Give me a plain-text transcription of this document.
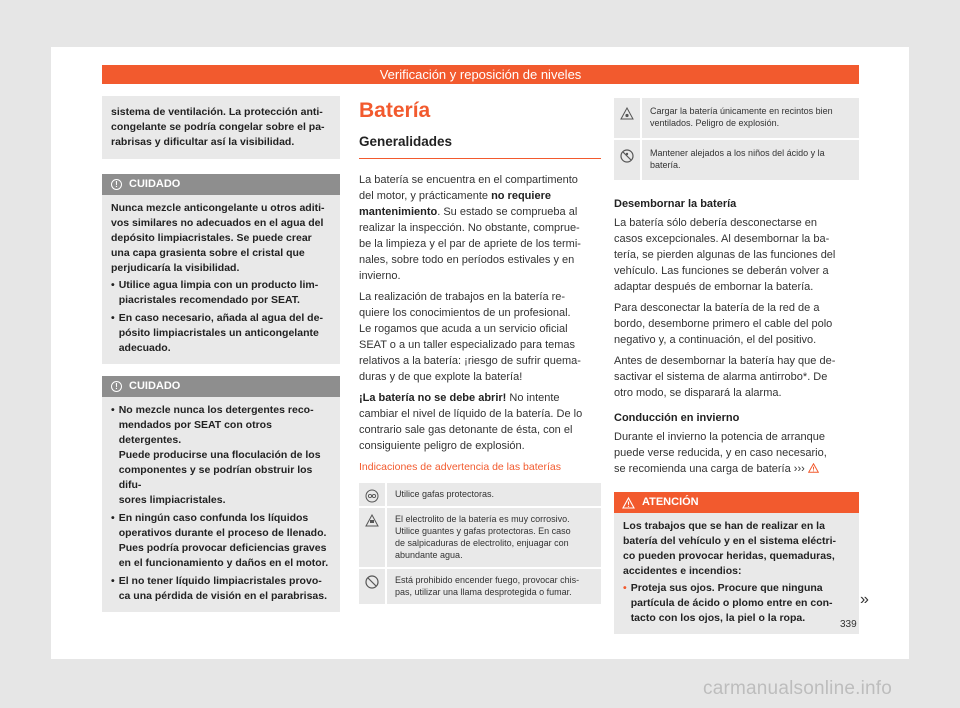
Verificación y reposición de niveles
sistema de ventilación. La protección anti-
congelante se podría congelar sobre el pa-
rabrisas y dificultar así la visibilidad.
!	CUIDADO

Nunca mezcle anticongelante u otros aditi-
vos similares no adecuados en el agua del
depósito limpiacristales. Se puede crear
una capa grasienta sobre el cristal que
perjudicaría la visibilidad.

• Utilice agua limpia con un producto lim-
piacristales recomendado por SEAT.
• En caso necesario, añada al agua del de-
pósito limpiacristales un anticongelante
adecuado.
!	CUIDADO
• No mezcle nunca los detergentes reco-
mendados por SEAT con otros detergentes.
Puede producirse una floculación de los
componentes y se podrían obstruir los difu-
sores limpiacristales.
• En ningún caso confunda los líquidos
operativos durante el proceso de llenado.
Pues podría provocar deficiencias graves
en el funcionamiento y daños en el motor.
• El no tener líquido limpiacristales provo-
ca una pérdida de visión en el parabrisas.
Batería
Generalidades
La batería se encuentra en el compartimento
del motor, y prácticamente no requiere
mantenimiento. Su estado se comprueba al
realizar la inspección. No obstante, comprue-
be la limpieza y el par de apriete de los termi-
nales, sobre todo en períodos estivales y en
invierno.
La realización de trabajos en la batería re-
quiere los conocimientos de un profesional.
Le rogamos que acuda a un servicio oficial
SEAT o a un taller especializado para temas
relativos a la batería: ¡riesgo de sufrir quema-
duras y de que explote la batería!
¡La batería no se debe abrir! No intente
cambiar el nivel de líquido de la batería. De lo
contrario sale gas detonante de ésta, con el
consiguiente peligro de explosión.
Indicaciones de advertencia de las baterías
Utilice gafas protectoras.
El electrolito de la batería es muy corrosivo.
Utilice guantes y gafas protectoras. En caso
de salpicaduras de electrolito, enjuagar con
abundante agua.
Está prohibido encender fuego, provocar chis-
pas, utilizar una llama desprotegida o fumar.
Cargar la batería únicamente en recintos bien
ventilados. Peligro de explosión.
Mantener alejados a los niños del ácido y la
batería.
Desembornar la batería
La batería sólo debería desconectarse en
casos excepcionales. Al desembornar la ba-
tería, se pierden algunas de las funciones del
vehículo. Las funciones se deberán volver a
adaptar después de embornar la batería.
Para desconectar la batería de la red de a
bordo, desemborne primero el cable del polo
negativo y, a continuación, el del positivo.
Antes de desembornar la batería hay que de-
sactivar el sistema de alarma antirrobo*. De
otro modo, se disparará la alarma.
Conducción en invierno
Durante el invierno la potencia de arranque
puede verse reducida, y en caso necesario,
se recomienda una carga de batería ›››
ATENCIÓN

Los trabajos que se han de realizar en la
batería del vehículo y en el sistema eléctri-
co pueden provocar heridas, quemaduras,
accidentes e incendios:

• Proteja sus ojos. Procure que ninguna
partícula de ácido o plomo entre en con-
tacto con los ojos, la piel o la ropa.
»
339
carmanualsonline.info
